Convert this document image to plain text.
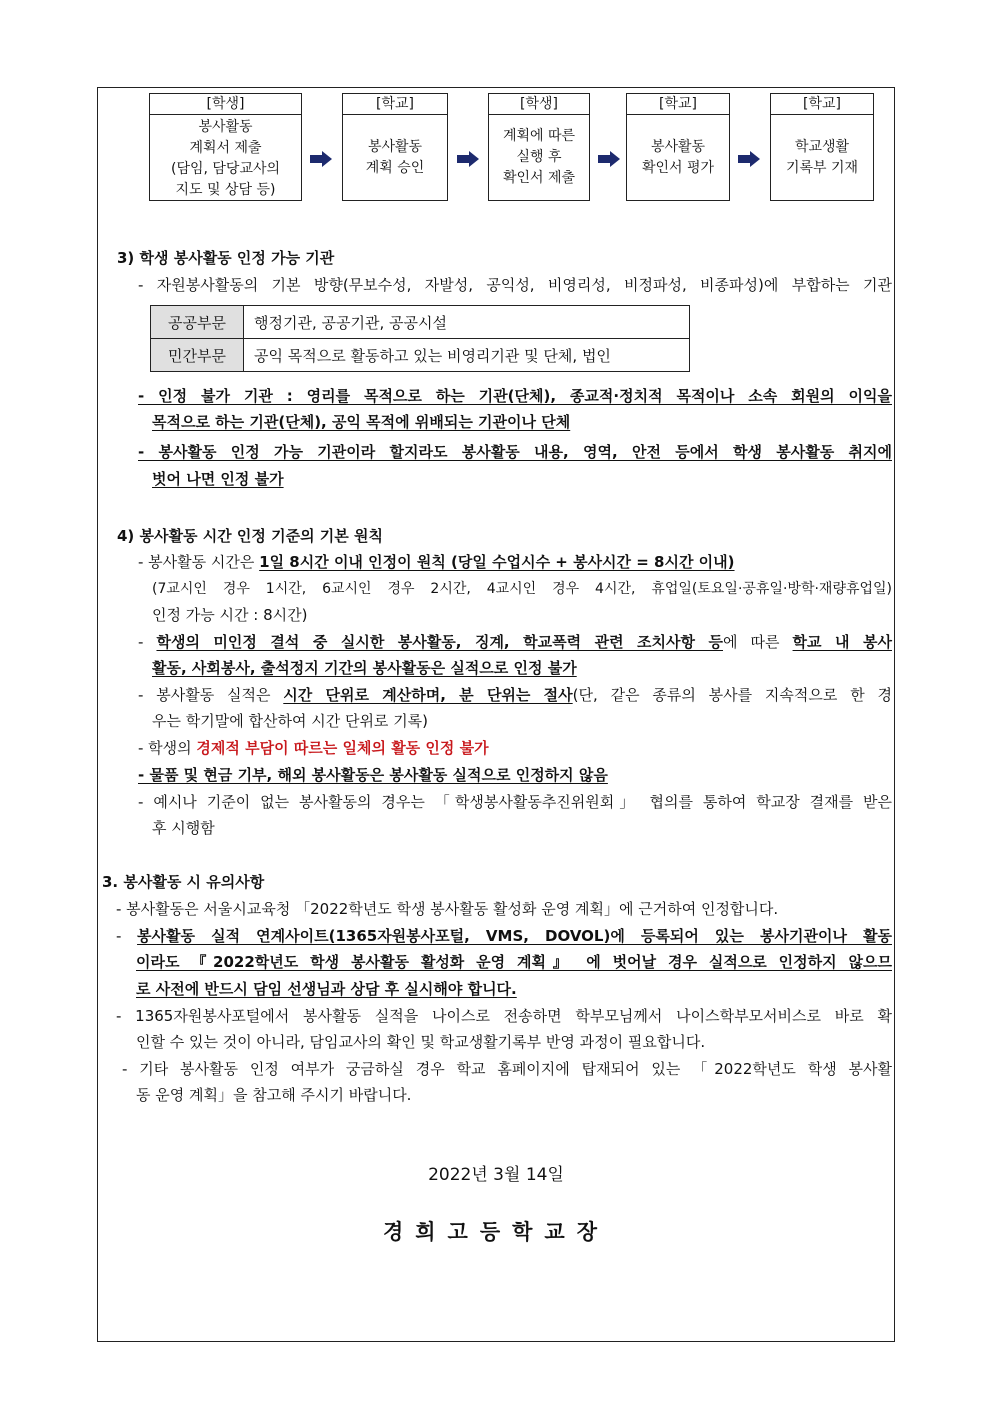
[학생]
봉사활동
계획서 제출
(담임, 담당교사의
지도 및 상담 등)
[학교]
봉사활동
계획 승인
[학생]
계획에 따른
실행 후
확인서 제출
[학교]
봉사활동
확인서 평가
[학교]
학교생활
기록부 기재
3) 학생 봉사활동 인정 가능 기관
- 자원봉사활동의 기본 방향(무보수성, 자발성, 공익성, 비영리성, 비정파성, 비종파성)에 부합하는 기관
공공부문	행정기관, 공공기관, 공공시설
민간부문	공익 목적으로 활동하고 있는 비영리기관 및 단체, 법인
- 인정 불가 기관 : 영리를 목적으로 하는 기관(단체), 종교적·정치적 목적이나 소속 회원의 이익을
목적으로 하는 기관(단체), 공익 목적에 위배되는 기관이나 단체
- 봉사활동 인정 가능 기관이라 할지라도 봉사활동 내용, 영역, 안전 등에서 학생 봉사활동 취지에
벗어 나면 인정 불가
4) 봉사활동 시간 인정 기준의 기본 원칙
- 봉사활동 시간은 1일 8시간 이내 인정이 원칙 (당일 수업시수 + 봉사시간 = 8시간 이내)
(7교시인 경우 1시간, 6교시인 경우 2시간, 4교시인 경우 4시간, 휴업일(토요일·공휴일·방학·재량휴업일)
인정 가능 시간 : 8시간)
- 학생의 미인정 결석 중 실시한 봉사활동, 징계, 학교폭력 관련 조치사항 등에 따른 학교 내 봉사
활동, 사회봉사, 출석정지 기간의 봉사활동은 실적으로 인정 불가
- 봉사활동 실적은 시간 단위로 계산하며, 분 단위는 절사(단, 같은 종류의 봉사를 지속적으로 한 경
우는 학기말에 합산하여 시간 단위로 기록)
- 학생의 경제적 부담이 따르는 일체의 활동 인정 불가
- 물품 및 현금 기부, 해외 봉사활동은 봉사활동 실적으로 인정하지 않음
- 예시나 기준이 없는 봉사활동의 경우는 「학생봉사활동추진위원회」 협의를 통하여 학교장 결재를 받은
후 시행함
3. 봉사활동 시 유의사항
- 봉사활동은 서울시교육청 「2022학년도 학생 봉사활동 활성화 운영 계획」에 근거하여 인정합니다.
- 봉사활동 실적 연계사이트(1365자원봉사포털, VMS, DOVOL)에 등록되어 있는 봉사기관이나 활동
이라도 『2022학년도 학생 봉사활동 활성화 운영 계획』 에 벗어날 경우 실적으로 인정하지 않으므
로 사전에 반드시 담임 선생님과 상담 후 실시해야 합니다.
- 1365자원봉사포털에서 봉사활동 실적을 나이스로 전송하면 학부모님께서 나이스학부모서비스로 바로 확
인할 수 있는 것이 아니라, 담임교사의 확인 및 학교생활기록부 반영 과정이 필요합니다.
- 기타 봉사활동 인정 여부가 궁금하실 경우 학교 홈페이지에 탑재되어 있는 「2022학년도 학생 봉사활
동 운영 계획」을 참고해 주시기 바랍니다.
2022년 3월 14일
경희고등학교장
